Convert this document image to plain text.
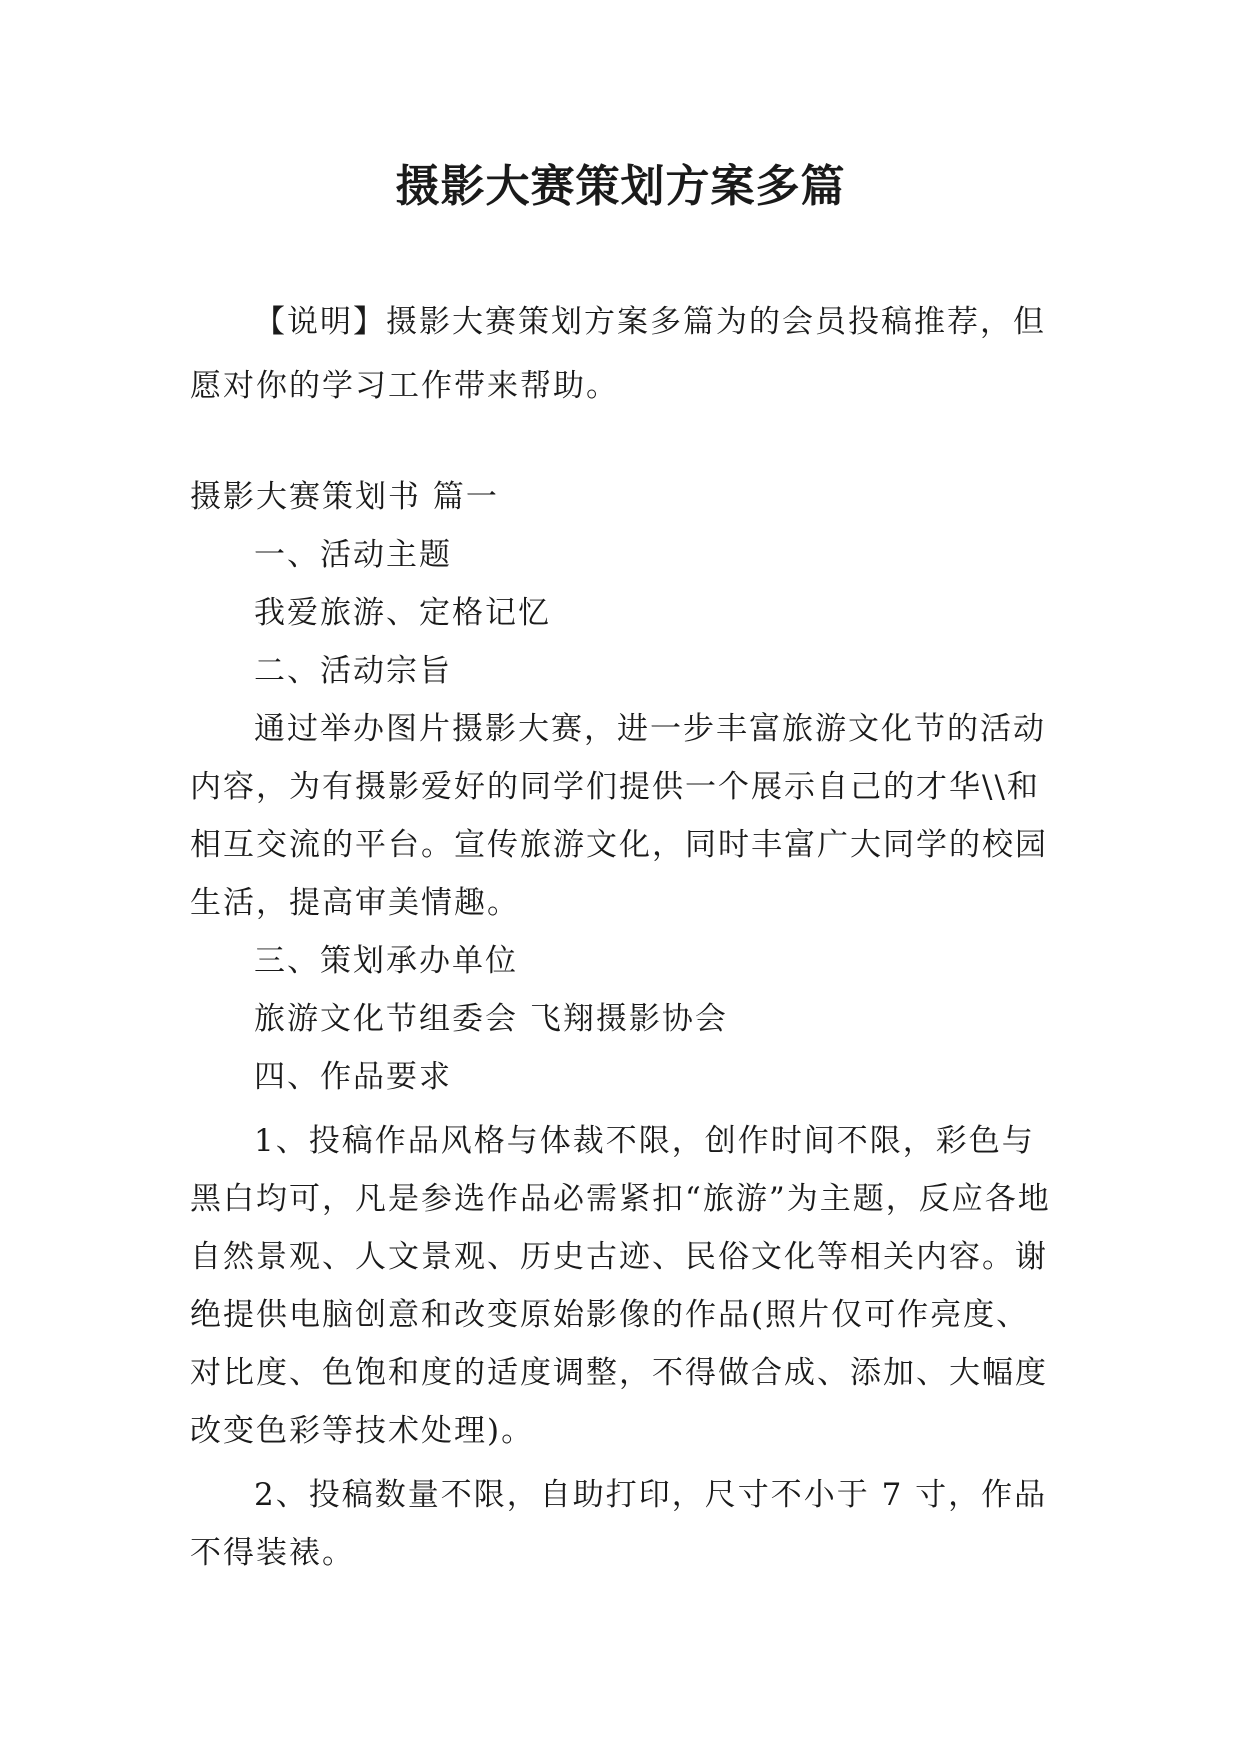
摄影大赛策划方案多篇

【说明】摄影大赛策划方案多篇为的会员投稿推荐，但愿对你的学习工作带来帮助。

摄影大赛策划书 篇一

一、活动主题

我爱旅游、定格记忆

二、活动宗旨

通过举办图片摄影大赛，进一步丰富旅游文化节的活动内容，为有摄影爱好的同学们提供一个展示自己的才华\\和相互交流的平台。宣传旅游文化，同时丰富广大同学的校园生活，提高审美情趣。

三、策划承办单位

旅游文化节组委会 飞翔摄影协会

四、作品要求

1、投稿作品风格与体裁不限，创作时间不限，彩色与黑白均可，凡是参选作品必需紧扣“旅游”为主题，反应各地自然景观、人文景观、历史古迹、民俗文化等相关内容。谢绝提供电脑创意和改变原始影像的作品(照片仅可作亮度、对比度、色饱和度的适度调整，不得做合成、添加、大幅度改变色彩等技术处理)。

2、投稿数量不限，自助打印，尺寸不小于 7 寸，作品不得装裱。
